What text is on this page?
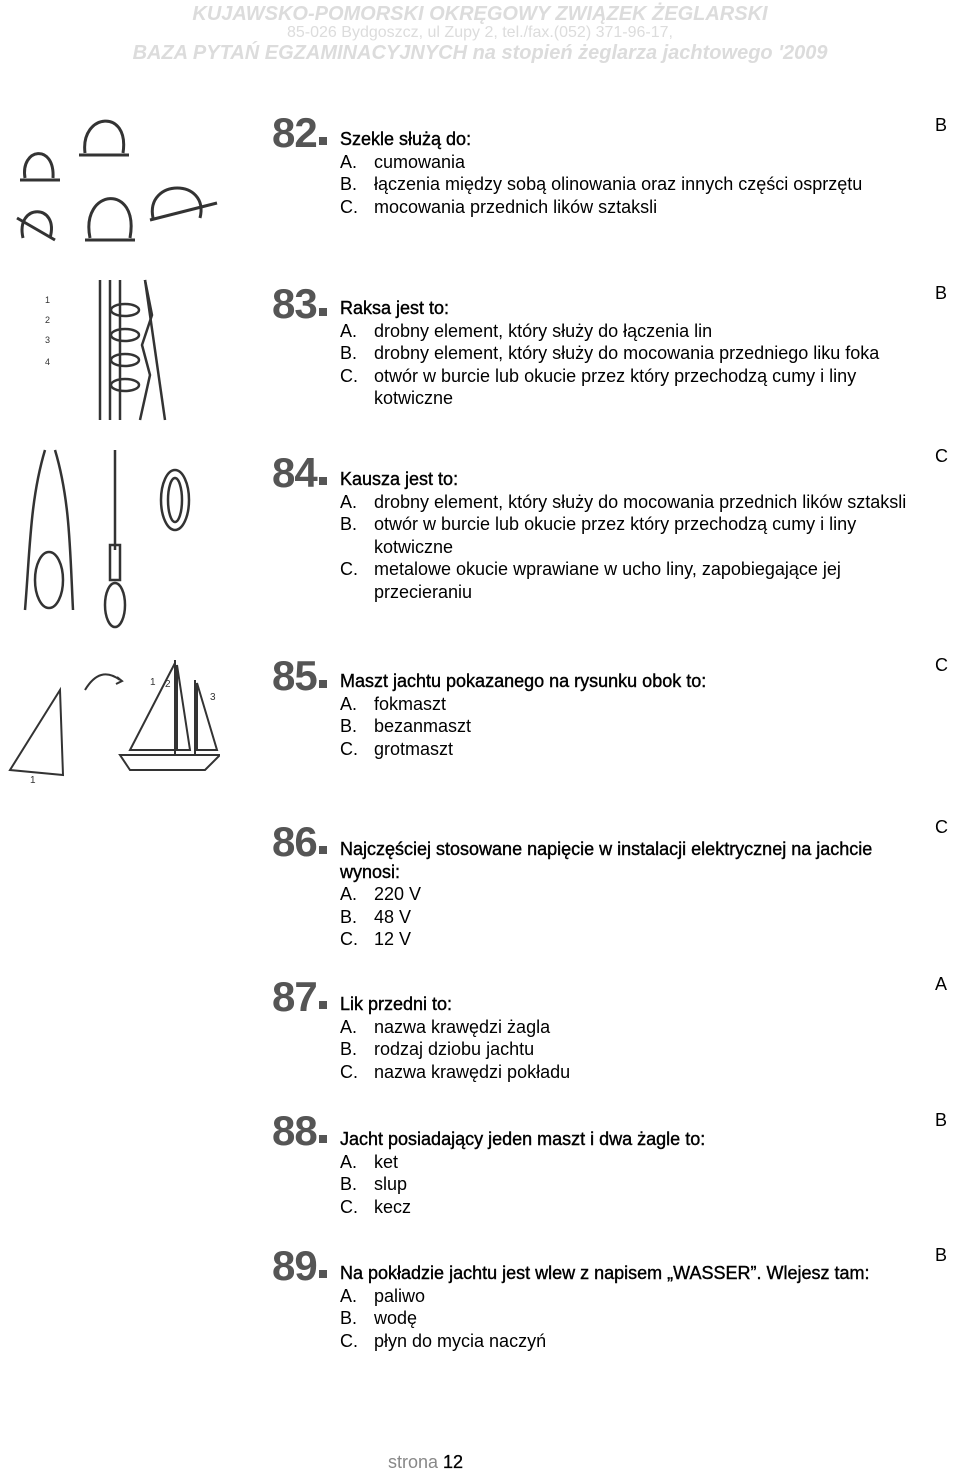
KUJAWSKO-POMORSKI OKRĘGOWY ZWIĄZEK ŻEGLARSKI
85-026 Bydgoszcz, ul Zupy 2, tel./fax.(052) 371-96-17,
BAZA PYTAŃ EGZAMINACYJNYCH na stopień żeglarza jachtowego '2009
1
2
3
4
1 2
3
1
82	Szekle służą do:
A. cumowania
B. łączenia między sobą olinowania oraz innych części osprzętu
C. mocowania przednich lików sztaksli
B
83	Raksa jest to:
A. drobny element, który służy do łączenia lin
B. drobny element, który służy do mocowania przedniego liku foka
C. otwór w burcie lub okucie przez który przechodzą cumy i liny kotwiczne
B
84	Kausza jest to:
A. drobny element, który służy do mocowania przednich lików sztaksli
B. otwór w burcie lub okucie przez który przechodzą cumy i liny kotwiczne
C. metalowe okucie wprawiane w ucho liny, zapobiegające jej przecieraniu
C
85	Maszt jachtu pokazanego na rysunku obok to:
A. fokmaszt
B. bezanmaszt
C. grotmaszt
C
86	Najczęściej stosowane napięcie w instalacji elektrycznej na jachcie wynosi:
A. 220 V
B. 48 V
C. 12 V
C
87	Lik przedni to:
A. nazwa krawędzi żagla
B. rodzaj dziobu jachtu
C. nazwa krawędzi pokładu
A
88	Jacht posiadający jeden maszt i dwa żagle to:
A. ket
B. slup
C. kecz
B
89	Na pokładzie jachtu jest wlew z napisem „WASSER”. Wlejesz tam:
A. paliwo
B. wodę
C. płyn do mycia naczyń
B
strona 12
